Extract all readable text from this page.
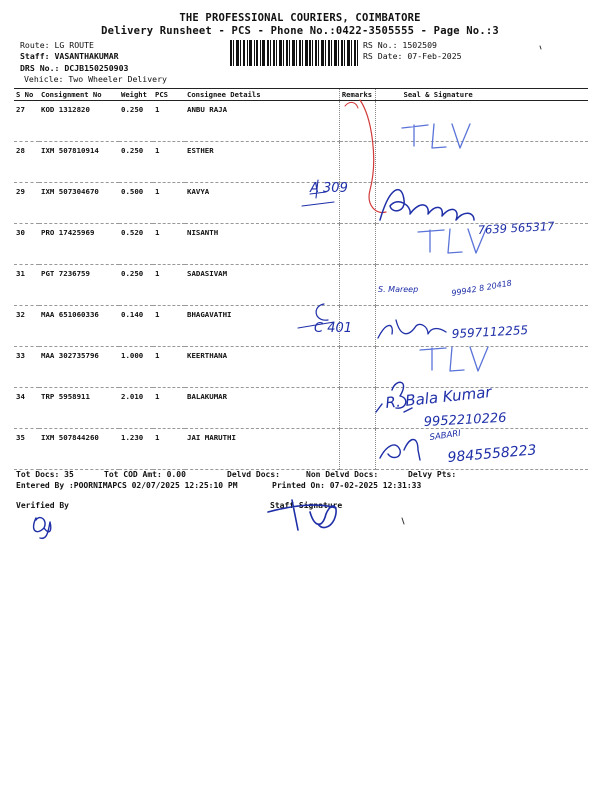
THE PROFESSIONAL COURIERS, COIMBATORE
Delivery Runsheet - PCS - Phone No.:0422-3505555 - Page No.:3
Route: LG ROUTE
Staff: VASANTHAKUMAR
DRS No.: DCJB150250903
Vehicle: Two Wheeler Delivery
RS No.: 1502509
RS Date: 07-Feb-2025
S No	Consignment No	Weight	PCS	Consignee Details	Remarks	Seal & Signature
27	KOD 1312820	0.250	1	ANBU RAJA		
28	IXM 507810914	0.250	1	ESTHER		
29	IXM 507304670	0.500	1	KAVYA		
30	PRO 17425969	0.520	1	NISANTH		
31	PGT 7236759	0.250	1	SADASIVAM		
32	MAA 651060336	0.140	1	BHAGAVATHI		
33	MAA 302735796	1.000	1	KEERTHANA		
34	TRP 5958911	2.010	1	BALAKUMAR		
35	IXM 507844260	1.230	1	JAI MARUTHI		
Tot Docs: 35	Tot COD Amt: 0.00	Delvd Docs:	Non Delvd Docs:	Delvy Pts:
Entered By :POORNIMAPCS 02/07/2025 12:25:10 PM	Printed On: 07-02-2025 12:31:33
Verified By	Staff Signature
A 309
7639 565317
C 401
S. Mareep	99942 8 20418
9597112255
R. Bala Kumar
9952210226
SABARI
9845558223
